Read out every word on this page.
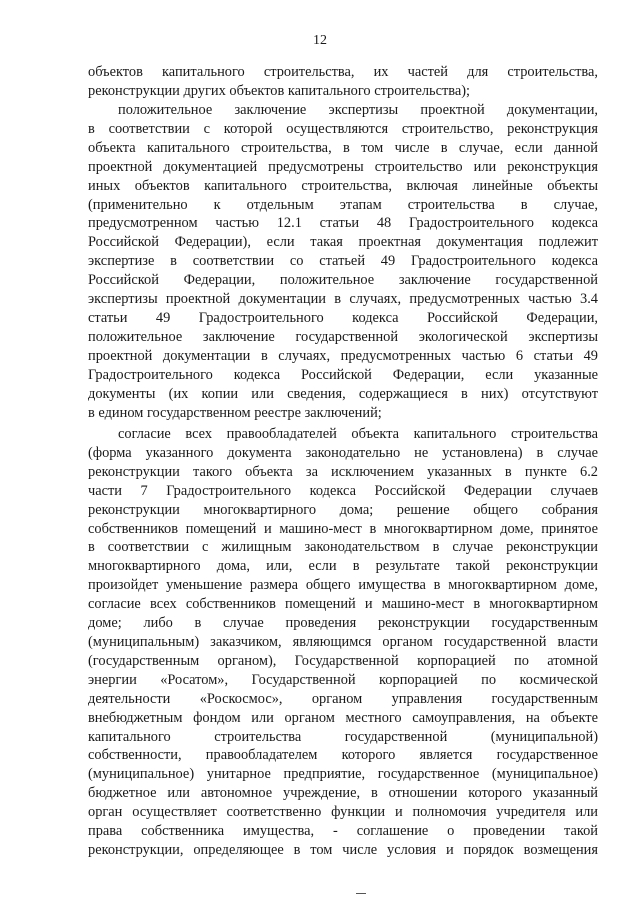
12
объектов капитального строительства, их частей для строительства,
реконструкции других объектов капитального строительства);
положительное заключение экспертизы проектной документации,
в соответствии с которой осуществляются строительство, реконструкция
объекта капитального строительства, в том числе в случае, если данной
проектной документацией предусмотрены строительство или реконструкция
иных объектов капитального строительства, включая линейные объекты
(применительно к отдельным этапам строительства в случае,
предусмотренном частью 12.1 статьи 48 Градостроительного кодекса
Российской Федерации), если такая проектная документация подлежит
экспертизе в соответствии со статьей 49 Градостроительного кодекса
Российской Федерации, положительное заключение государственной
экспертизы проектной документации в случаях, предусмотренных частью 3.4
статьи 49 Градостроительного кодекса Российской Федерации,
положительное заключение государственной экологической экспертизы
проектной документации в случаях, предусмотренных частью 6 статьи 49
Градостроительного кодекса Российской Федерации, если указанные
документы (их копии или сведения, содержащиеся в них) отсутствуют
в едином государственном реестре заключений;
согласие всех правообладателей объекта капитального строительства
(форма указанного документа законодательно не установлена) в случае
реконструкции такого объекта за исключением указанных в пункте 6.2
части 7 Градостроительного кодекса Российской Федерации случаев
реконструкции многоквартирного дома; решение общего собрания
собственников помещений и машино-мест в многоквартирном доме, принятое
в соответствии с жилищным законодательством в случае реконструкции
многоквартирного дома, или, если в результате такой реконструкции
произойдет уменьшение размера общего имущества в многоквартирном доме,
согласие всех собственников помещений и машино-мест в многоквартирном
доме; либо в случае проведения реконструкции государственным
(муниципальным) заказчиком, являющимся органом государственной власти
(государственным органом), Государственной корпорацией по атомной
энергии «Росатом», Государственной корпорацией по космической
деятельности «Роскосмос», органом управления государственным
внебюджетным фондом или органом местного самоуправления, на объекте
капитального строительства государственной (муниципальной)
собственности, правообладателем которого является государственное
(муниципальное) унитарное предприятие, государственное (муниципальное)
бюджетное или автономное учреждение, в отношении которого указанный
орган осуществляет соответственно функции и полномочия учредителя или
права собственника имущества, - соглашение о проведении такой
реконструкции, определяющее в том числе условия и порядок возмещения
